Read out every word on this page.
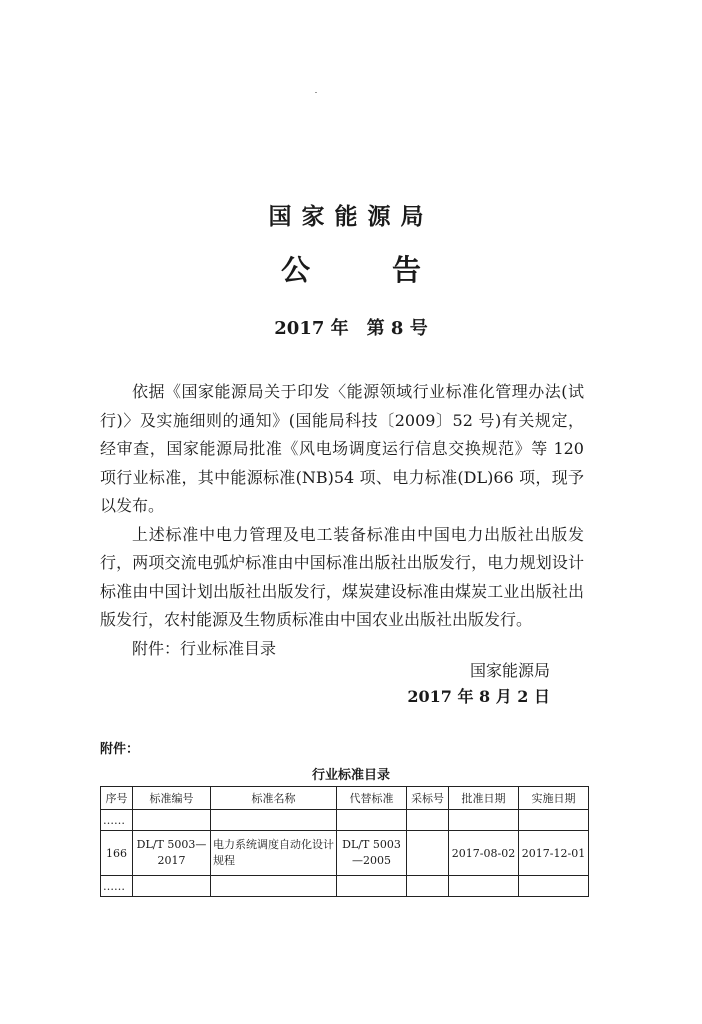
国家能源局
公 告
2017 年 第 8 号

依据《国家能源局关于印发〈能源领域行业标准化管理办法(试行)〉及实施细则的通知》(国能局科技〔2009〕52 号)有关规定，经审查，国家能源局批准《风电场调度运行信息交换规范》等 120 项行业标准，其中能源标准(NB)54 项、电力标准(DL)66 项，现予以发布。

上述标准中电力管理及电工装备标准由中国电力出版社出版发行，两项交流电弧炉标准由中国标准出版社出版发行，电力规划设计标准由中国计划出版社出版发行，煤炭建设标准由煤炭工业出版社出版发行，农村能源及生物质标准由中国农业出版社出版发行。

附件：行业标准目录

国家能源局
2017 年 8 月 2 日
附件：
行业标准目录
序号	标准编号	标准名称	代替标准	采标号	批准日期	实施日期
……						
166	DL/T 5003—2017	电力系统调度自动化设计规程	DL/T 5003—2005		2017-08-02	2017-12-01
……						
